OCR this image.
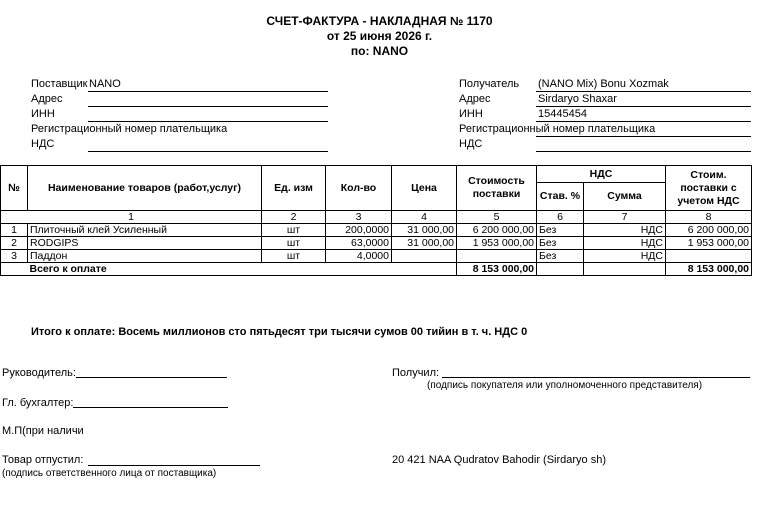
СЧЕТ-ФАКТУРА - НАКЛАДНАЯ № 1170
от 25 июня 2026 г.
по: NANO
Поставщик NANO
Адрес
ИНН
Регистрационный номер плательщика
НДС
Получатель (NANO Mix) Bonu Xozmak
Адрес	Sirdaryo Shaxar
ИНН	15445454
Регистрационный номер плательщика
НДС
№	Наименование товаров (работ,услуг)	Ед. изм	Кол-во	Цена	Стоимость поставки	НДС		Стоим. поставки с учетом НДС
						Став. %	Сумма	
1		2	3	4	5	6	7	8
1	Плиточный клей Усиленный	шт	200,0000	31 000,00	6 200 000,00	Без	НДС	6 200 000,00
2	RODGIPS	шт	63,0000	31 000,00	1 953 000,00	Без	НДС	1 953 000,00
3	Паддон	шт	4,0000			Без	НДС	
	Всего к оплате				8 153 000,00			8 153 000,00
Итого к оплате: Восемь миллионов сто пятьдесят три тысячи сумов 00 тийин в т. ч. НДС 0
Руководитель:
Гл. бухгалтер:
М.П(при наличи
Товар отпустил:
(подпись ответственного лица от поставщика)
Получил:
(подпись покупателя или уполномоченного представителя)
20 421 NAA Qudratov Bahodir (Sirdaryo sh)
